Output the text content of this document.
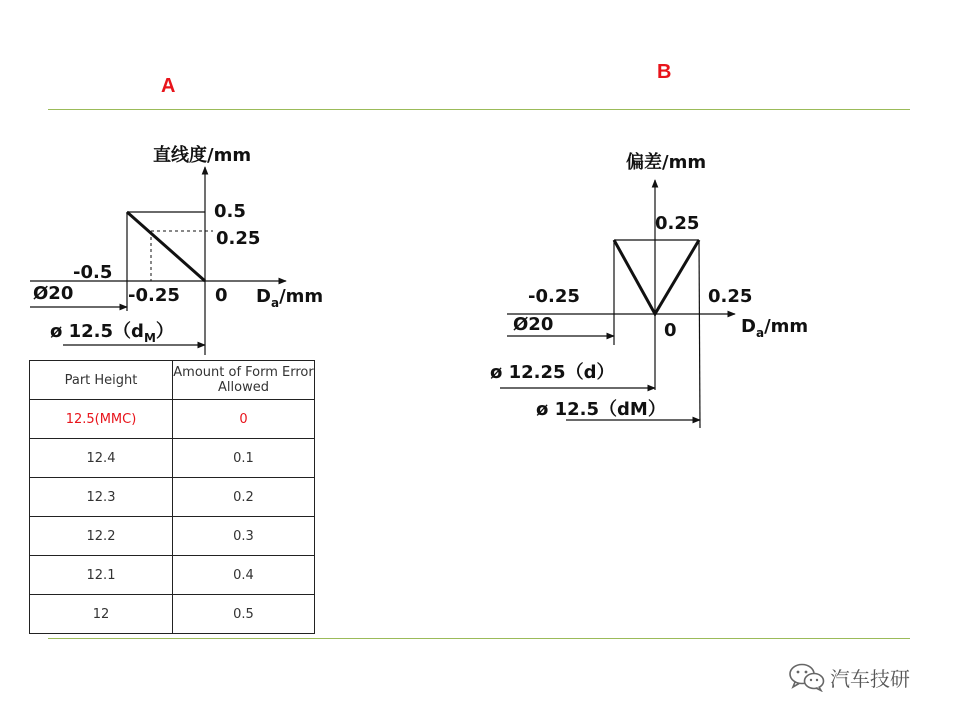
A
B
直线度/mm
0.5
0.25
-0.5
-0.25 0 $D_a/mm$
Ø20
ø $12.5(d_M)$
偏差/mm
0.25
-0.25	0.25
0	$D_a/mm$
Ø20
ø 12.25（d）
ø 12.5（dM）
Part Height	Amount of Form Error Allowed
12.5(MMC)	0
12.4	0.1
12.3	0.2
12.2	0.3
12.1	0.4
12	0.5
汽车技研
